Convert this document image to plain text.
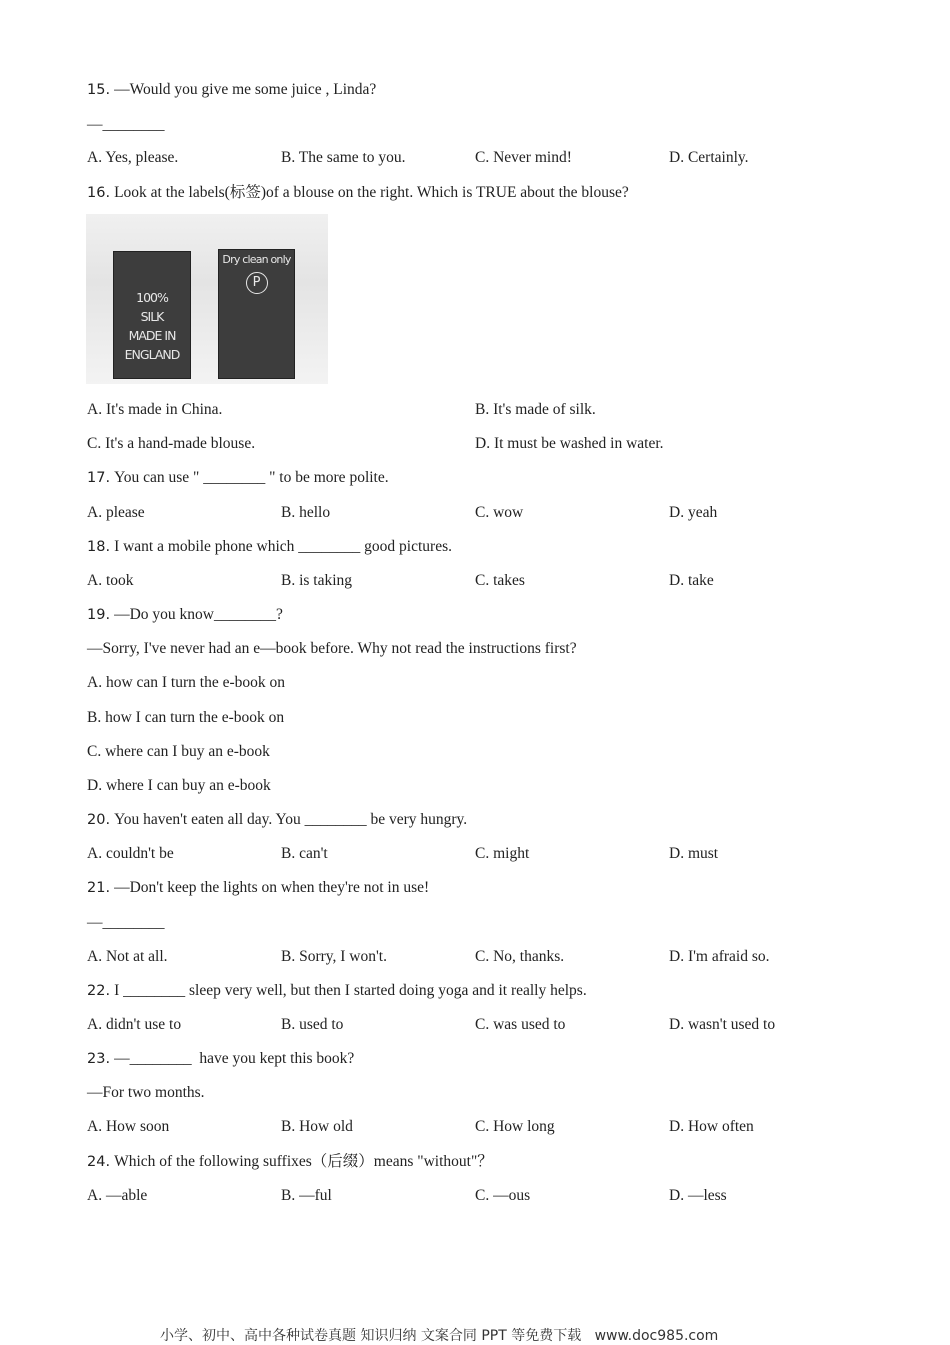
15. —Would you give me some juice , Linda?
—________
A. Yes, please.	B. The same to you.	C. Never mind!	D. Certainly.
16. Look at the labels(标签)of a blouse on the right. Which is TRUE about the blouse?
100%
SILK
MADE IN
ENGLAND
Dry clean only
P
A. It's made in China.	B. It's made of silk.
C. It's a hand-made blouse.	D. It must be washed in water.
17. You can use " ________ " to be more polite.
A. please	B. hello	C. wow	D. yeah
18. I want a mobile phone which ________ good pictures.
A. took	B. is taking	C. takes	D. take
19. —Do you know________?
—Sorry, I've never had an e—book before. Why not read the instructions first?
A. how can I turn the e-book on
B. how I can turn the e-book on
C. where can I buy an e-book
D. where I can buy an e-book
20. You haven't eaten all day. You ________ be very hungry.
A. couldn't be	B. can't	C. might	D. must
21. —Don't keep the lights on when they're not in use!
—________
A. Not at all.	B. Sorry, I won't.	C. No, thanks.	D. I'm afraid so.
22. I ________ sleep very well, but then I started doing yoga and it really helps.
A. didn't use to	B. used to	C. was used to	D. wasn't used to
23. —________  have you kept this book?
—For two months.
A. How soon	B. How old	C. How long	D. How often
24. Which of the following suffixes（后缀）means "without"？
A. —able	B. —ful	C. —ous	D. —less
小学、初中、高中各种试卷真题 知识归纳 文案合同 PPT 等免费下载   www.doc985.com
